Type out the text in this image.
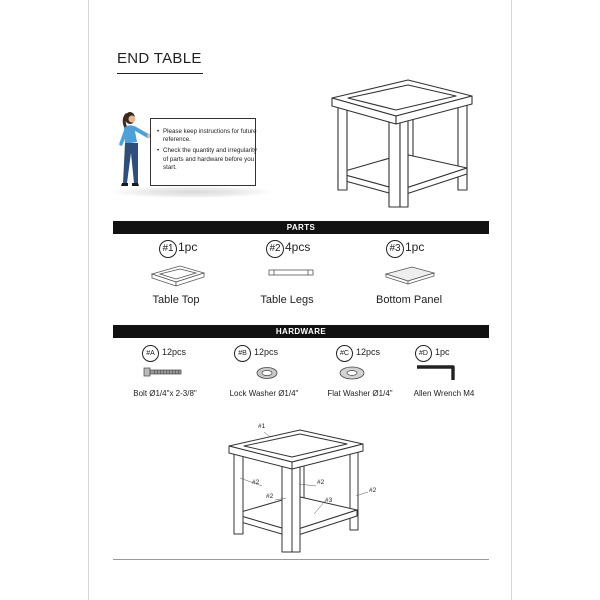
END TABLE
• Please keep instructions for future reference.
• Check the quantity and irregularity of parts and hardware before you start.
PARTS
#1 1pc	#2 4pcs	#3 1pc
Table Top	Table Legs	Bottom Panel
HARDWARE
#A 12pcs	#B 12pcs	#C 12pcs	#D 1pc
Bolt Ø1/4"x 2-3/8"	Lock Washer Ø1/4"	Flat Washer Ø1/4"	Allen Wrench M4
#1
#2
#2
#2
#3
#2
